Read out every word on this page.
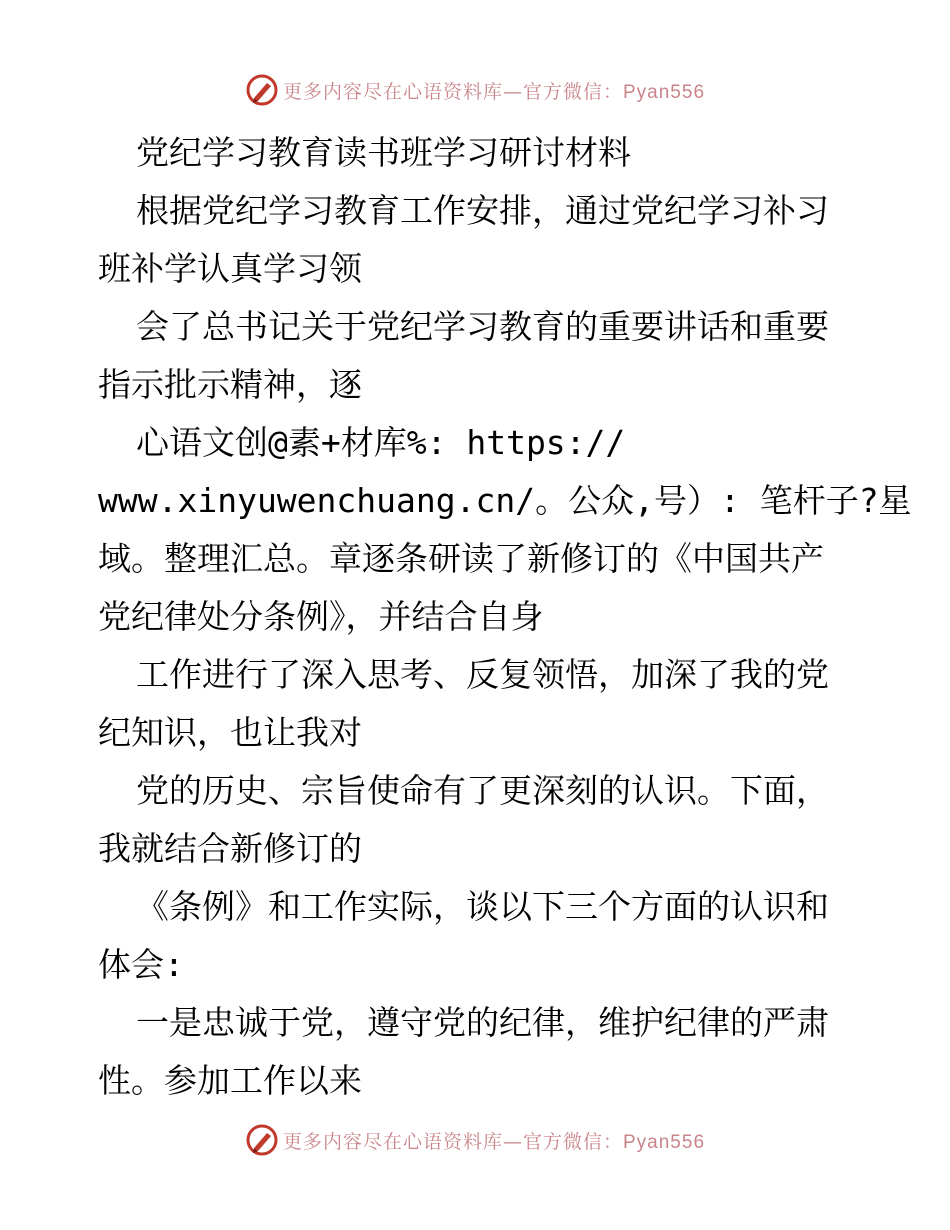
更多内容尽在心语资料库—官方微信：Pyan556
党纪学习教育读书班学习研讨材料
根据党纪学习教育工作安排，通过党纪学习补习
班补学认真学习领
会了总书记关于党纪学习教育的重要讲话和重要
指示批示精神，逐
心语文创@素+材库%: https://
www.xinyuwenchuang.cn/。公众,号）: 笔杆子?星
域。整理汇总。章逐条研读了新修订的《中国共产
党纪律处分条例》，并结合自身
工作进行了深入思考、反复领悟，加深了我的党
纪知识，也让我对
党的历史、宗旨使命有了更深刻的认识。下面，
我就结合新修订的
《条例》和工作实际，谈以下三个方面的认识和
体会:
一是忠诚于党，遵守党的纪律，维护纪律的严肃
性。参加工作以来
更多内容尽在心语资料库—官方微信：Pyan556
